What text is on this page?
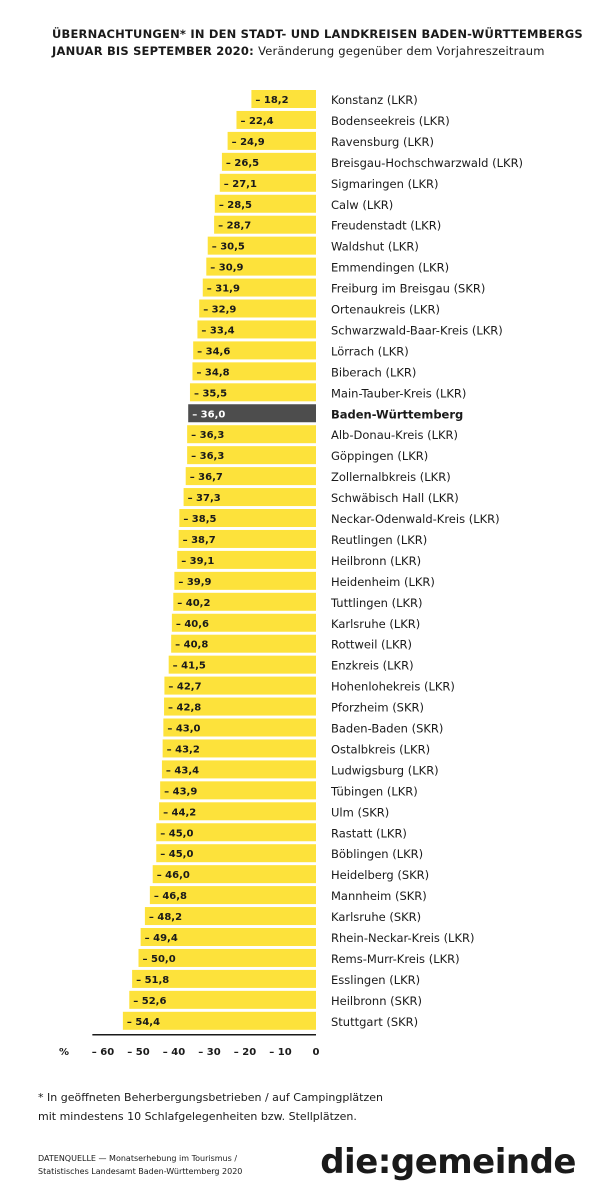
ÜBERNACHTUNGEN* IN DEN STADT- UND LANDKREISEN BADEN-WÜRTTEMBERGS
JANUAR BIS SEPTEMBER 2020: Veränderung gegenüber dem Vorjahreszeitraum
– 18,2	Konstanz (LKR)
– 22,4	Bodenseekreis (LKR)
– 24,9	Ravensburg (LKR)
– 26,5	Breisgau-Hochschwarzwald (LKR)
– 27,1	Sigmaringen (LKR)
– 28,5	Calw (LKR)
– 28,7	Freudenstadt (LKR)
– 30,5	Waldshut (LKR)
– 30,9	Emmendingen (LKR)
– 31,9	Freiburg im Breisgau (SKR)
– 32,9	Ortenaukreis (LKR)
– 33,4	Schwarzwald-Baar-Kreis (LKR)
– 34,6	Lörrach (LKR)
– 34,8	Biberach (LKR)
– 35,5	Main-Tauber-Kreis (LKR)
– 36,0	Baden-Württemberg
– 36,3	Alb-Donau-Kreis (LKR)
– 36,3	Göppingen (LKR)
– 36,7	Zollernalbkreis (LKR)
– 37,3	Schwäbisch Hall (LKR)
– 38,5	Neckar-Odenwald-Kreis (LKR)
– 38,7	Reutlingen (LKR)
– 39,1	Heilbronn (LKR)
– 39,9	Heidenheim (LKR)
– 40,2	Tuttlingen (LKR)
– 40,6	Karlsruhe (LKR)
– 40,8	Rottweil (LKR)
– 41,5	Enzkreis (LKR)
– 42,7	Hohenlohekreis (LKR)
– 42,8	Pforzheim (SKR)
– 43,0	Baden-Baden (SKR)
– 43,2	Ostalbkreis (LKR)
– 43,4	Ludwigsburg (LKR)
– 43,9	Tübingen (LKR)
– 44,2	Ulm (SKR)
– 45,0	Rastatt (LKR)
– 45,0	Böblingen (LKR)
– 46,0	Heidelberg (SKR)
– 46,8	Mannheim (SKR)
– 48,2	Karlsruhe (SKR)
– 49,4	Rhein-Neckar-Kreis (LKR)
– 50,0	Rems-Murr-Kreis (LKR)
– 51,8	Esslingen (LKR)
– 52,6	Heilbronn (SKR)
– 54,4	Stuttgart (SKR)
– 60 – 50 – 40 – 30 – 20 – 10 0
%
* In geöffneten Beherbergungsbetrieben / auf Campingplätzen
mit mindestens 10 Schlafgelegenheiten bzw. Stellplätzen.
DATENQUELLE — Monatserhebung im Tourismus /
Statistisches Landesamt Baden-Württemberg 2020 die:gemeinde
